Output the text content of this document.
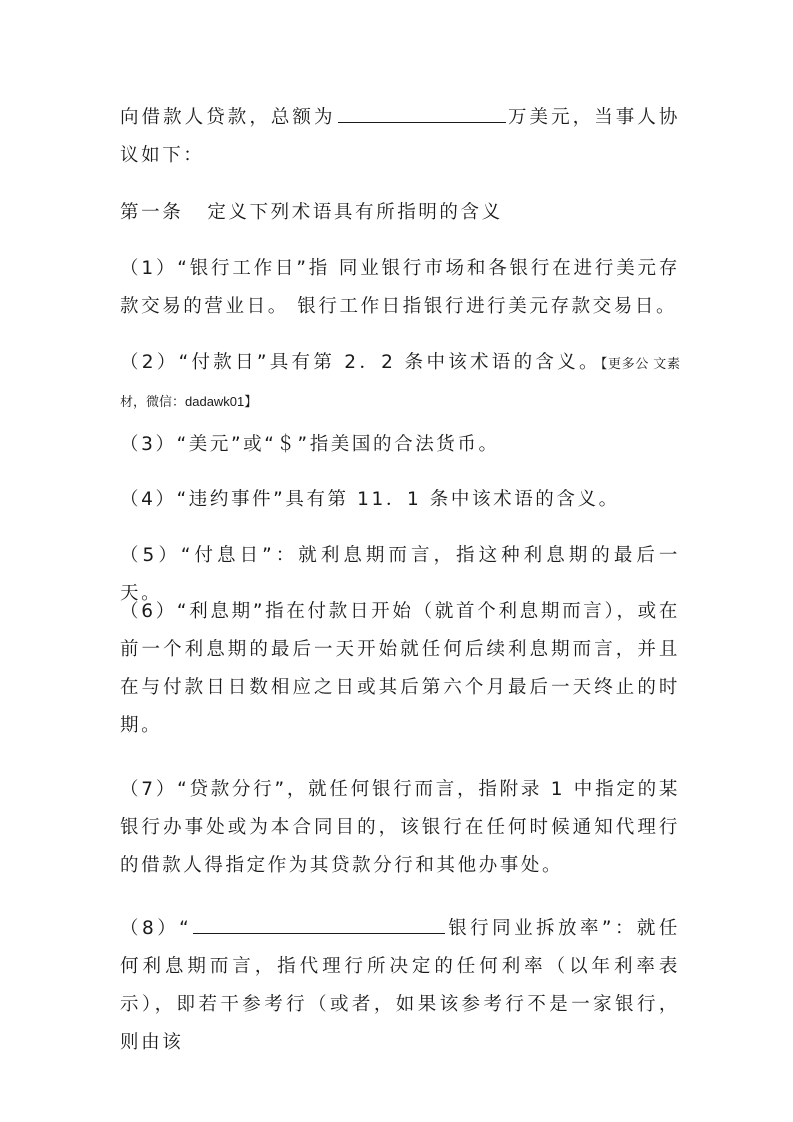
向借款人贷款，总额为	万美元，当事人协议如下：

第一条 定义下列术语具有所指明的含义

（1）“银行工作日”指 同业银行市场和各银行在进行美元存款交易的营业日。 银行工作日指银行进行美元存款交易日。

（2）“付款日”具有第 2．2 条中该术语的含义。【更多公 文素材，微信：dadawk01】

（3）“美元”或“＄”指美国的合法货币。

（4）“违约事件”具有第 11．1 条中该术语的含义。

（5）“付息日”：就利息期而言，指这种利息期的最后一天。

（6）“利息期”指在付款日开始（就首个利息期而言），或在前一个利息期的最后一天开始就任何后续利息期而言，并且在与付款日日数相应之日或其后第六个月最后一天终止的时期。

（7）“贷款分行”，就任何银行而言，指附录 1 中指定的某银行办事处或为本合同目的，该银行在任何时候通知代理行的借款人得指定作为其贷款分行和其他办事处。

（8）“	银行同业拆放率”：就任何利息期而言，指代理行所决定的任何利率（以年利率表示），即若干参考行（或者，如果该参考行不是一家银行，则由该
